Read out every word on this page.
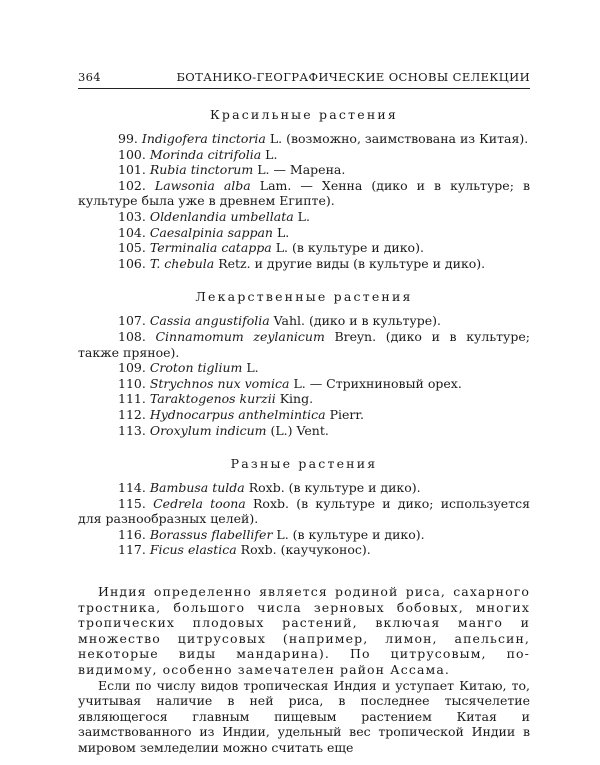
364	БОТАНИКО-ГЕОГРАФИЧЕСКИЕ ОСНОВЫ СЕЛЕКЦИИ
Красильные растения
99. Indigofera tinctoria L. (возможно, заимствована из Китая).
100. Morinda citrifolia L.
101. Rubia tinctorum L. — Марена.
102. Lawsonia alba Lam. — Хенна (дико и в культуре; в культуре была уже в древнем Египте).
103. Oldenlandia umbellata L.
104. Caesalpinia sappan L.
105. Terminalia catappa L. (в культуре и дико).
106. T. chebula Retz. и другие виды (в культуре и дико).
Лекарственные растения
107. Cassia angustifolia Vahl. (дико и в культуре).
108. Cinnamomum zeylanicum Breyn. (дико и в культуре; также пряное).
109. Croton tiglium L.
110. Strychnos nux vomica L. — Стрихниновый орех.
111. Taraktogenos kurzii King.
112. Hydnocarpus anthelmintica Pierr.
113. Oroxylum indicum (L.) Vent.
Разные растения
114. Bambusa tulda Roxb. (в культуре и дико).
115. Cedrela toona Roxb. (в культуре и дико; используется для разнообразных целей).
116. Borassus flabellifer L. (в культуре и дико).
117. Ficus elastica Roxb. (каучуконос).

Индия определенно является родиной риса, сахарного тростника, большого числа зерновых бобовых, многих тропических плодовых растений, включая манго и множество цитрусовых (например, лимон, апельсин, некоторые виды мандарина). По цитрусовым, по-видимому, особенно замечателен район Ассама.

Если по числу видов тропическая Индия и уступает Китаю, то, учитывая наличие в ней риса, в последнее тысячелетие являющегося главным пищевым растением Китая и заимствованного из Индии, удельный вес тропической Индии в мировом земледелии можно считать еще
